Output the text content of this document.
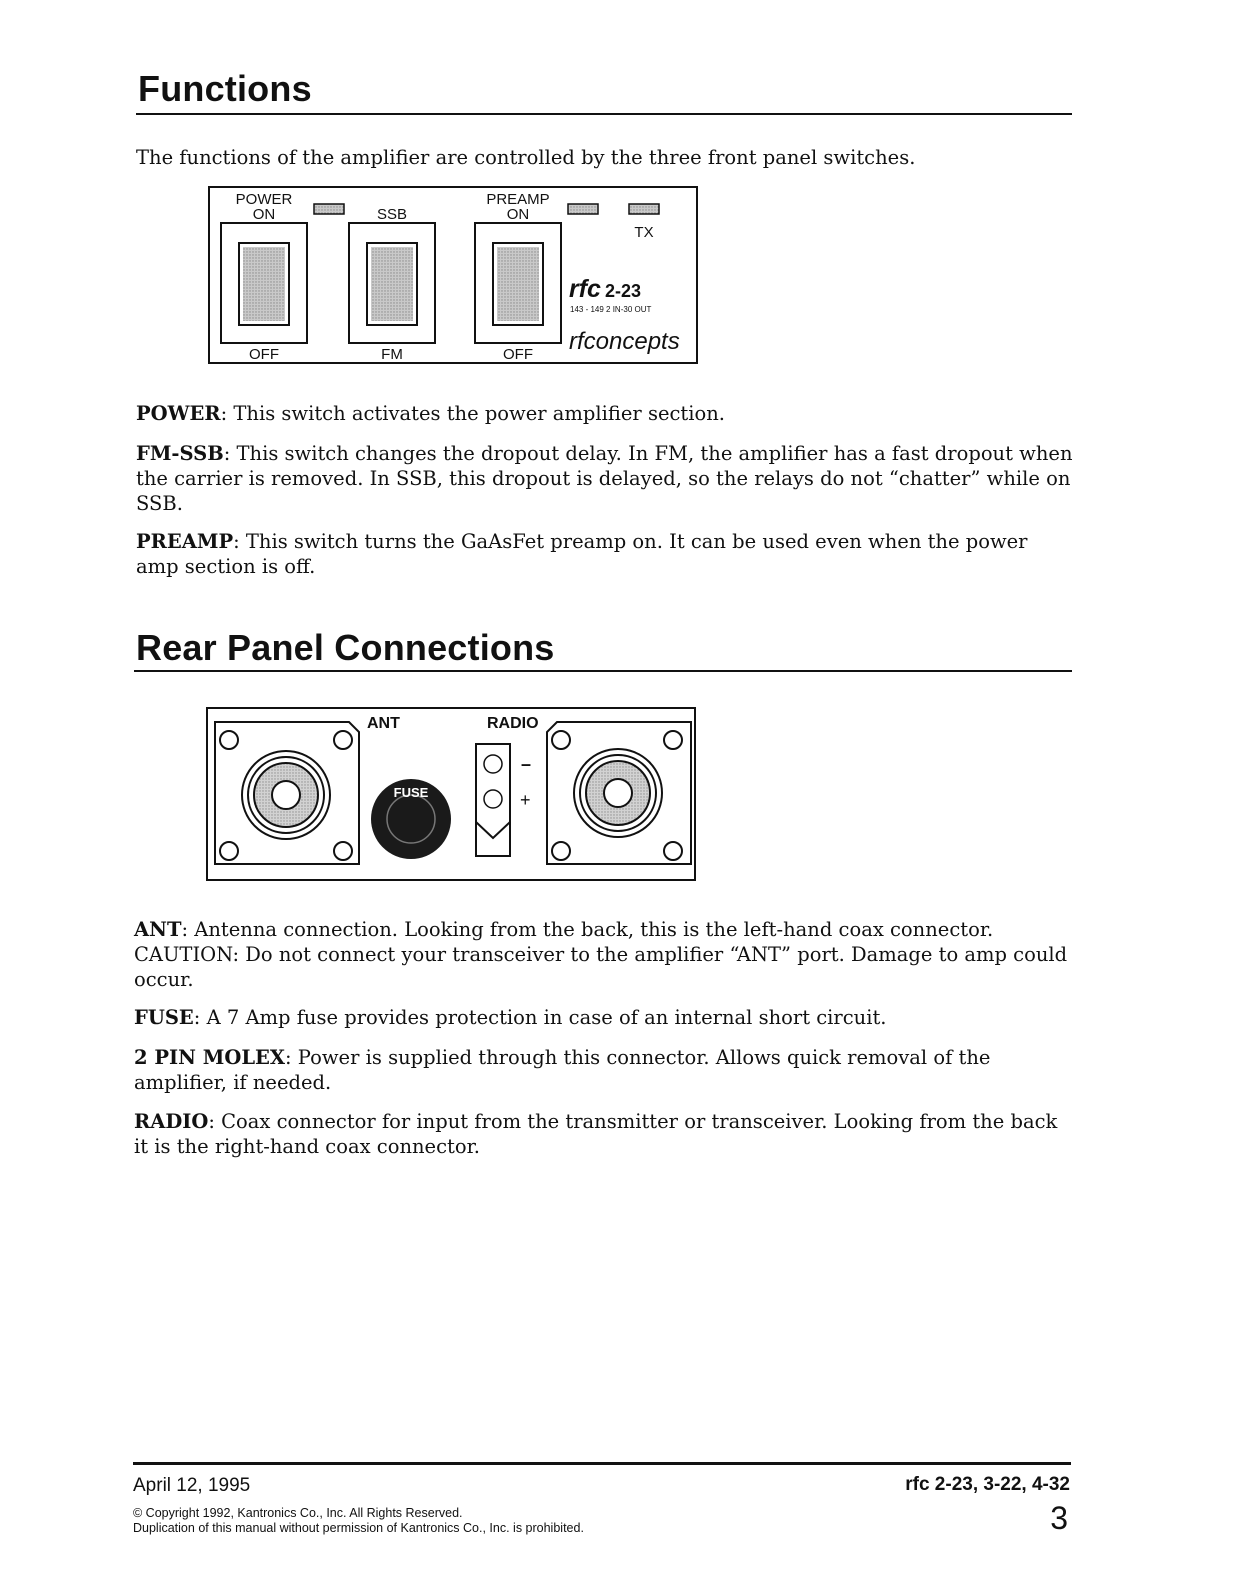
Functions

The functions of the amplifier are controlled by the three front panel switches.

POWER
ON
OFF
SSB
FM
PREAMP
ON
OFF
TX
rfc 2-23
143 - 149 2 IN-30 OUT
rfconcepts

POWER: This switch activates the power amplifier section.

FM-SSB: This switch changes the dropout delay. In FM, the amplifier has a fast dropout when the carrier is removed. In SSB, this dropout is delayed, so the relays do not “chatter” while on SSB.

PREAMP: This switch turns the GaAsFet preamp on. It can be used even when the power amp section is off.

Rear Panel Connections
ANT
FUSE
RADIO
–
+

ANT: Antenna connection. Looking from the back, this is the left-hand coax connector. CAUTION: Do not connect your transceiver to the amplifier “ANT” port. Damage to amp could occur.

FUSE: A 7 Amp fuse provides protection in case of an internal short circuit.

2 PIN MOLEX: Power is supplied through this connector. Allows quick removal of the amplifier, if needed.

RADIO: Coax connector for input from the transmitter or transceiver. Looking from the back it is the right-hand coax connector.

April 12, 1995	rfc 2-23, 3-22, 4-32
© Copyright 1992, Kantronics Co., Inc. All Rights Reserved.
Duplication of this manual without permission of Kantronics Co., Inc. is prohibited.	3
